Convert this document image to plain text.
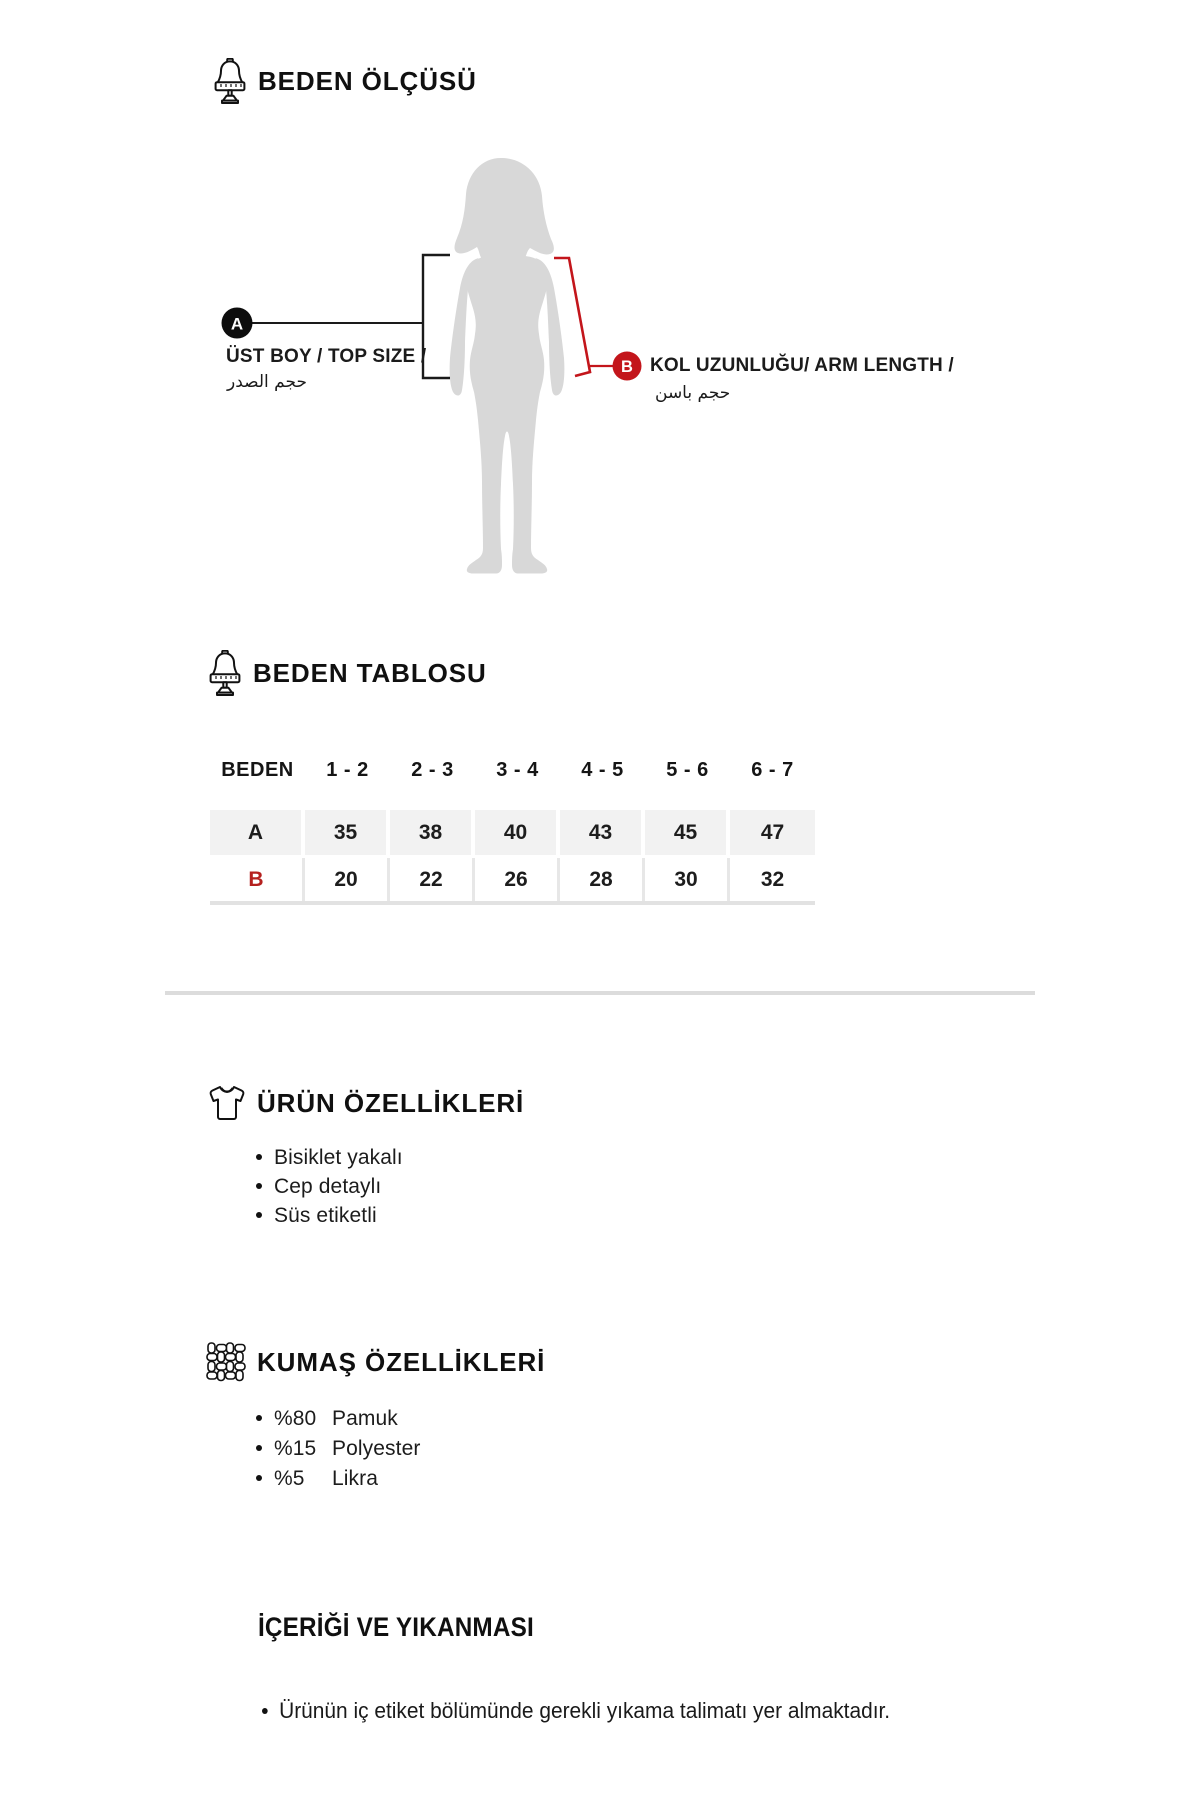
BEDEN ÖLÇÜSÜ
A
B
ÜST BOY / TOP SIZE /
حجم الصدر
KOL UZUNLUĞU/ ARM LENGTH /
حجم باسن
BEDEN TABLOSU
BEDEN	1 - 2	2 - 3	3 - 4	4 - 5	5 - 6	6 - 7
A	35	38	40	43	45	47
B	20	22	26	28	30	32
ÜRÜN ÖZELLİKLERİ
Bisiklet yakalı
Cep detaylı
Süs etiketli
KUMAŞ ÖZELLİKLERİ
%80 Pamuk
%15 Polyester
%5	Likra
İÇERİĞİ VE YIKANMASI
Ürünün iç etiket bölümünde gerekli yıkama talimatı yer almaktadır.
